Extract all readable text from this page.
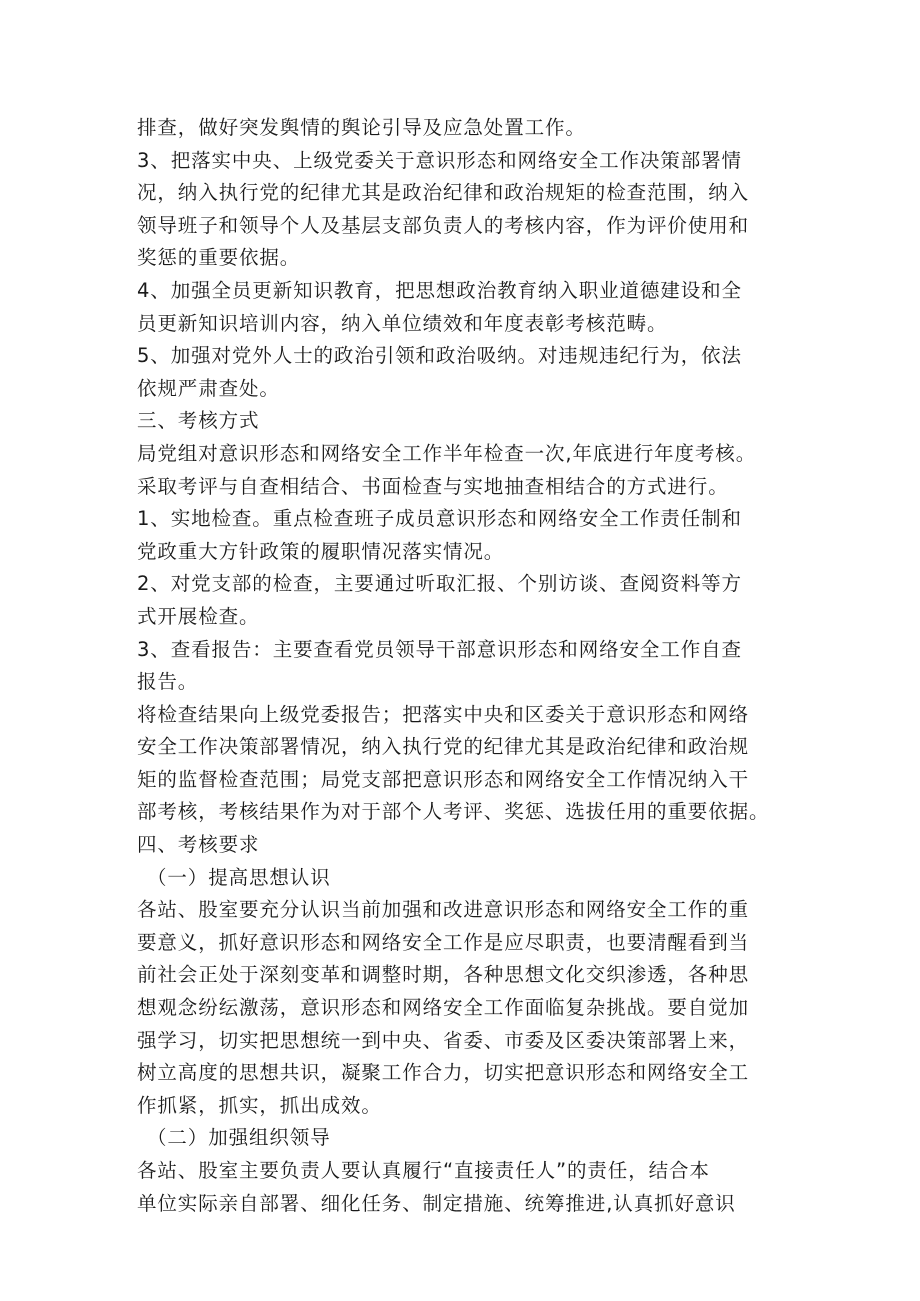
排查，做好突发舆情的舆论引导及应急处置工作。
3、把落实中央、上级党委关于意识形态和网络安全工作决策部署情
况，纳入执行党的纪律尤其是政治纪律和政治规矩的检查范围，纳入
领导班子和领导个人及基层支部负责人的考核内容，作为评价使用和
奖惩的重要依据。
4、加强全员更新知识教育，把思想政治教育纳入职业道德建设和全
员更新知识培训内容，纳入单位绩效和年度表彰考核范畴。
5、加强对党外人士的政治引领和政治吸纳。对违规违纪行为，依法
依规严肃查处。
三、考核方式
局党组对意识形态和网络安全工作半年检查一次,年底进行年度考核。
采取考评与自查相结合、书面检查与实地抽查相结合的方式进行。
1、实地检查。重点检查班子成员意识形态和网络安全工作责任制和
党政重大方针政策的履职情况落实情况。
2、对党支部的检查，主要通过听取汇报、个别访谈、查阅资料等方
式开展检查。
3、查看报告：主要查看党员领导干部意识形态和网络安全工作自查
报告。
将检查结果向上级党委报告；把落实中央和区委关于意识形态和网络
安全工作决策部署情况，纳入执行党的纪律尤其是政治纪律和政治规
矩的监督检查范围；局党支部把意识形态和网络安全工作情况纳入干
部考核，考核结果作为对于部个人考评、奖惩、选拔任用的重要依据。
四、考核要求
（一）提高思想认识
各站、股室要充分认识当前加强和改进意识形态和网络安全工作的重
要意义，抓好意识形态和网络安全工作是应尽职责，也要清醒看到当
前社会正处于深刻变革和调整时期，各种思想文化交织渗透，各种思
想观念纷纭激荡，意识形态和网络安全工作面临复杂挑战。要自觉加
强学习，切实把思想统一到中央、省委、市委及区委决策部署上来，
树立高度的思想共识，凝聚工作合力，切实把意识形态和网络安全工
作抓紧，抓实，抓出成效。
（二）加强组织领导
各站、股室主要负责人要认真履行“直接责任人”的责任，结合本
单位实际亲自部署、细化任务、制定措施、统筹推进,认真抓好意识
